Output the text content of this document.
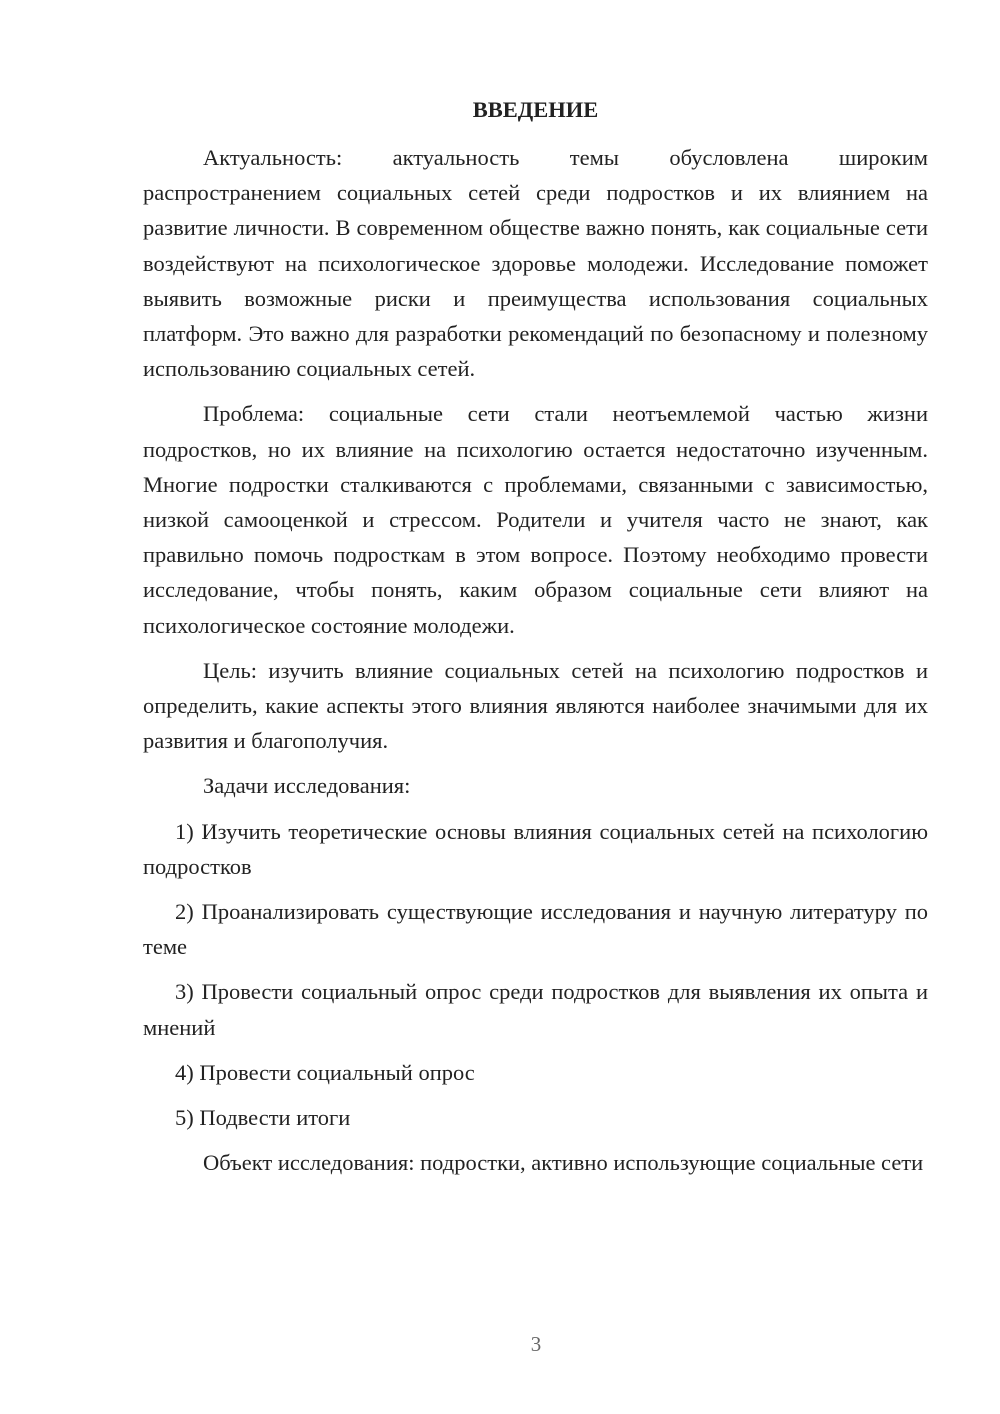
ВВЕДЕНИЕ

Актуальность: актуальность темы обусловлена широким распространением социальных сетей среди подростков и их влиянием на развитие личности. В современном обществе важно понять, как социальные сети воздействуют на психологическое здоровье молодежи. Исследование поможет выявить возможные риски и преимущества использования социальных платформ. Это важно для разработки рекомендаций по безопасному и полезному использованию социальных сетей.

Проблема: социальные сети стали неотъемлемой частью жизни подростков, но их влияние на психологию остается недостаточно изученным. Многие подростки сталкиваются с проблемами, связанными с зависимостью, низкой самооценкой и стрессом. Родители и учителя часто не знают, как правильно помочь подросткам в этом вопросе. Поэтому необходимо провести исследование, чтобы понять, каким образом социальные сети влияют на психологическое состояние молодежи.

Цель: изучить влияние социальных сетей на психологию подростков и определить, какие аспекты этого влияния являются наиболее значимыми для их развития и благополучия.

Задачи исследования:

1) Изучить теоретические основы влияния социальных сетей на психологию подростков

2) Проанализировать существующие исследования и научную литературу по теме

3) Провести социальный опрос среди подростков для выявления их опыта и мнений

4) Провести социальный опрос

5) Подвести итоги

Объект исследования: подростки, активно использующие социальные сети

3
